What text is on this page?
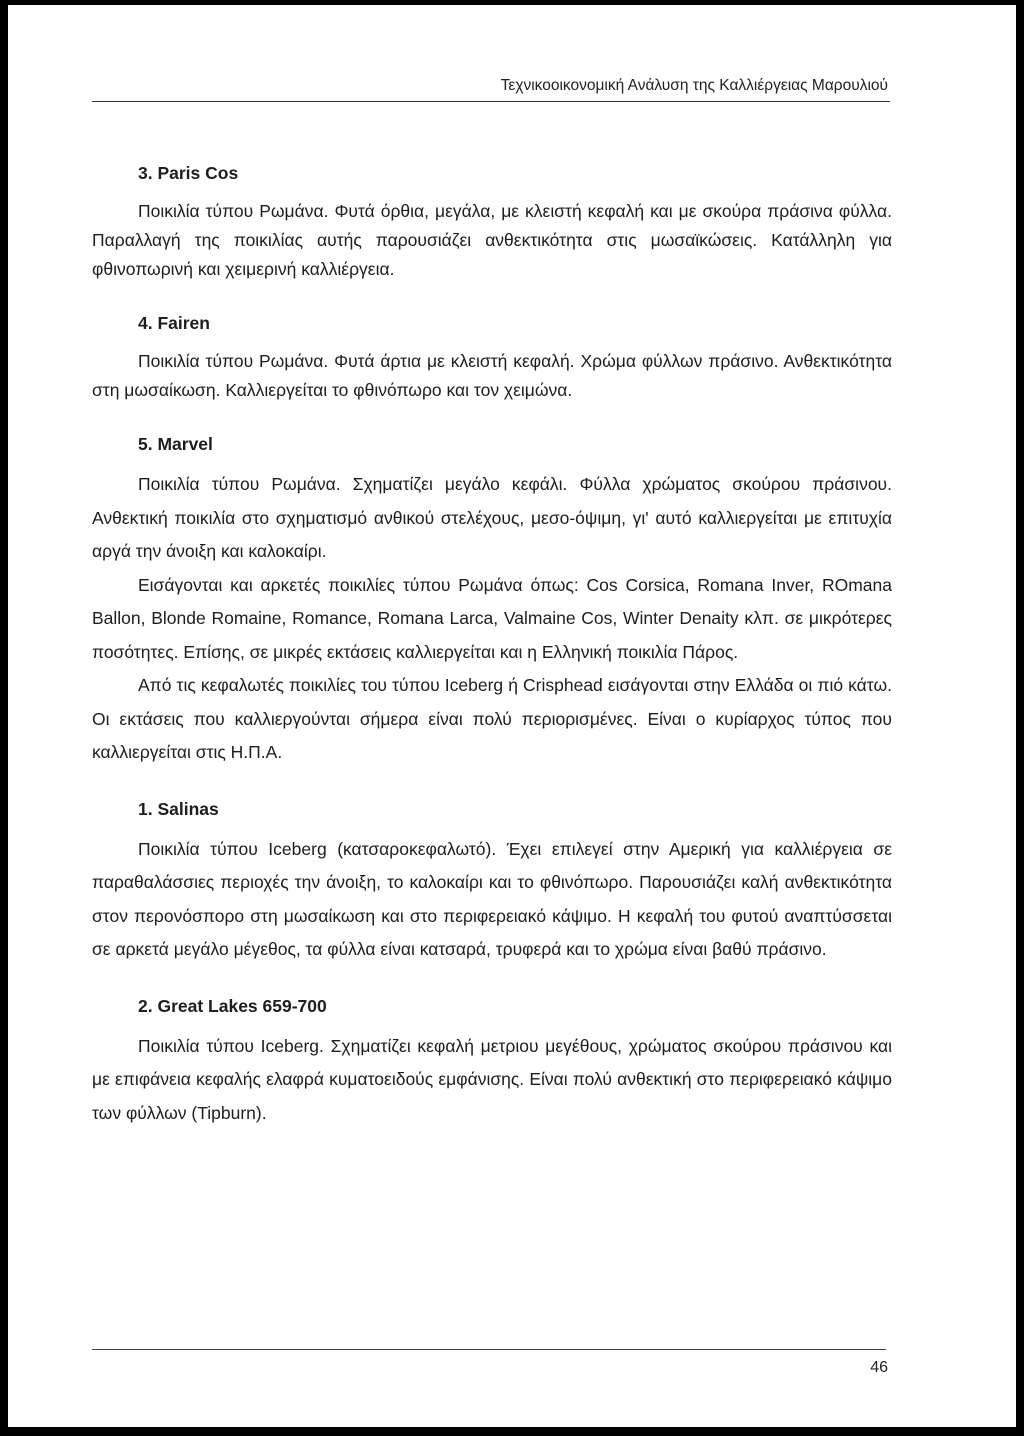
Τεχνικοοικονομική Ανάλυση της Καλλιέργειας Μαρουλιού
3. Paris Cos

Ποικιλία τύπου Ρωμάνα. Φυτά όρθια, μεγάλα, με κλειστή κεφαλή και με σκούρα πράσινα φύλλα. Παραλλαγή της ποικιλίας αυτής παρουσιάζει ανθεκτικότητα στις μωσαϊκώσεις. Κατάλληλη για φθινοπωρινή και χειμερινή καλλιέργεια.

4. Fairen

Ποικιλία τύπου Ρωμάνα. Φυτά άρτια με κλειστή κεφαλή. Χρώμα φύλλων πράσινο. Ανθεκτικότητα στη μωσαίκωση. Καλλιεργείται το φθινόπωρο και τον χειμώνα.

5. Marvel

Ποικιλία τύπου Ρωμάνα. Σχηματίζει μεγάλο κεφάλι. Φύλλα χρώματος σκούρου πράσινου. Ανθεκτική ποικιλία στο σχηματισμό ανθικού στελέχους, μεσο-όψιμη, γι' αυτό καλλιεργείται με επιτυχία αργά την άνοιξη και καλοκαίρι.

Εισάγονται και αρκετές ποικιλίες τύπου Ρωμάνα όπως: Cos Corsica, Romana Inver, ROmana Ballon, Blonde Romaine, Romance, Romana Larca, Valmaine Cos, Winter Denaity κλπ. σε μικρότερες ποσότητες. Επίσης, σε μικρές εκτάσεις καλλιεργείται και η Ελληνική ποικιλία Πάρος.

Από τις κεφαλωτές ποικιλίες του τύπου Iceberg ή Crisphead εισάγονται στην Ελλάδα οι πιό κάτω. Οι εκτάσεις που καλλιεργούνται σήμερα είναι πολύ περιορισμένες. Είναι ο κυρίαρχος τύπος που καλλιεργείται στις Η.Π.Α.

1. Salinas

Ποικιλία τύπου Iceberg (κατσαροκεφαλωτό). Έχει επιλεγεί στην Αμερική για καλλιέργεια σε παραθαλάσσιες περιοχές την άνοιξη, το καλοκαίρι και το φθινόπωρο. Παρουσιάζει καλή ανθεκτικότητα στον περονόσπορο στη μωσαίκωση και στο περιφερειακό κάψιμο. Η κεφαλή του φυτού αναπτύσσεται σε αρκετά μεγάλο μέγεθος, τα φύλλα είναι κατσαρά, τρυφερά και το χρώμα είναι βαθύ πράσινο.

2. Great Lakes 659-700

Ποικιλία τύπου Iceberg. Σχηματίζει κεφαλή μετριου μεγέθους, χρώματος σκούρου πράσινου και με επιφάνεια κεφαλής ελαφρά κυματοειδούς εμφάνισης. Είναι πολύ ανθεκτική στο περιφερειακό κάψιμο των φύλλων (Tipburn).

46
